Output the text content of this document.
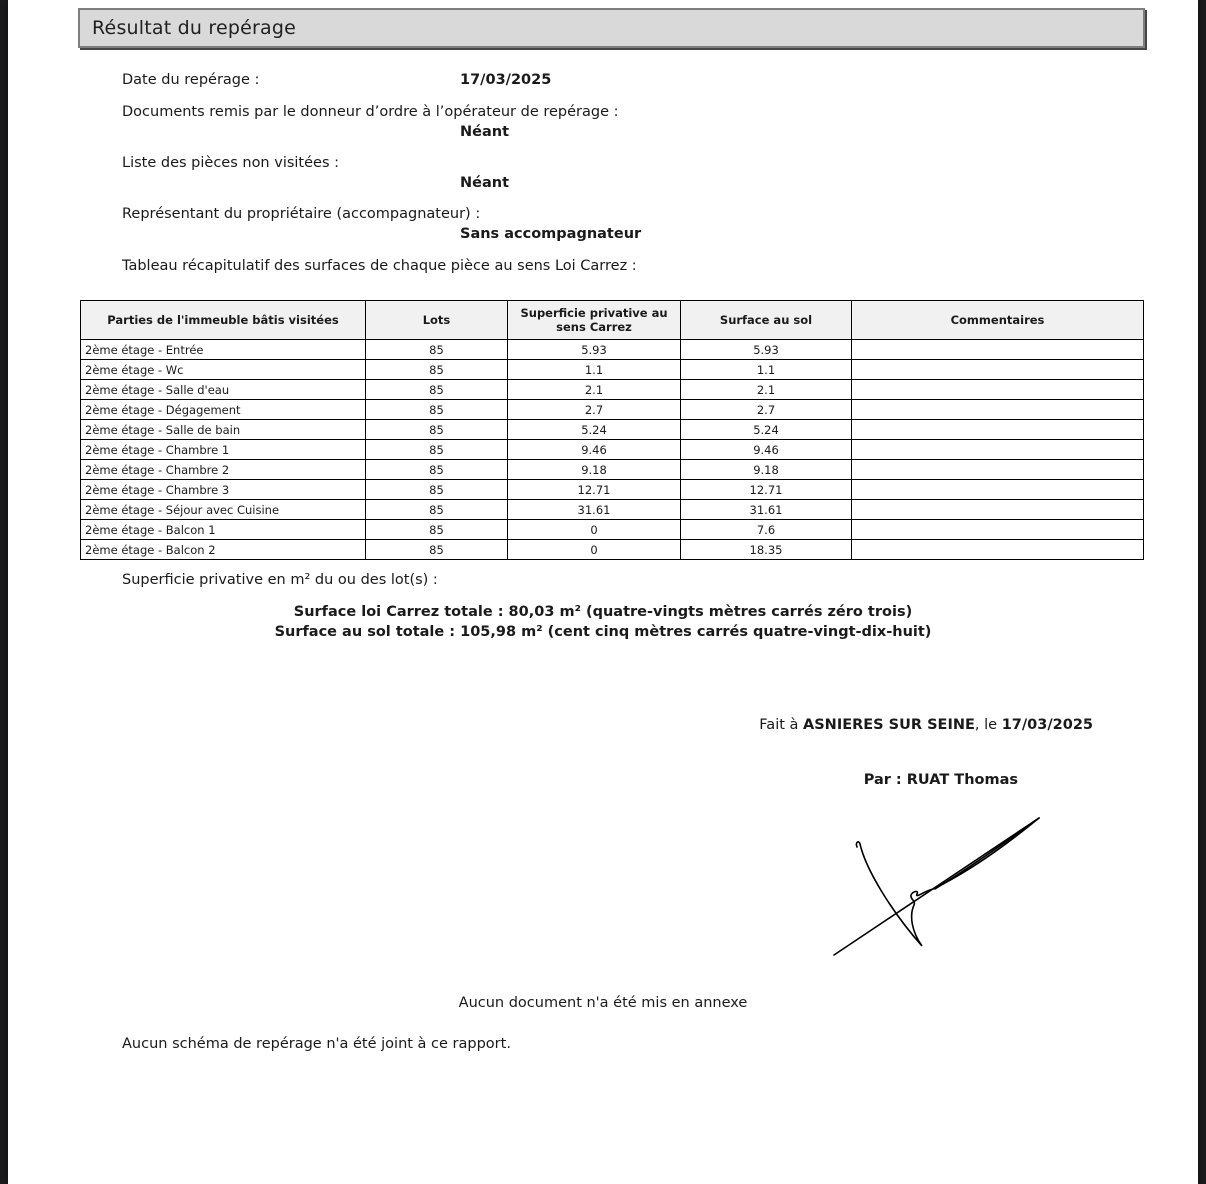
Résultat du repérage
Date du repérage :	17/03/2025
Documents remis par le donneur d’ordre à l’opérateur de repérage :
Néant
Liste des pièces non visitées :
Néant
Représentant du propriétaire (accompagnateur) :
Sans accompagnateur
Tableau récapitulatif des surfaces de chaque pièce au sens Loi Carrez :
Parties de l'immeuble bâtis visitées	Lots	Superficie privative au sens Carrez	Surface au sol	Commentaires
2ème étage - Entrée	85	5.93	5.93	
2ème étage - Wc	85	1.1	1.1	
2ème étage - Salle d'eau	85	2.1	2.1	
2ème étage - Dégagement	85	2.7	2.7	
2ème étage - Salle de bain	85	5.24	5.24	
2ème étage - Chambre 1	85	9.46	9.46	
2ème étage - Chambre 2	85	9.18	9.18	
2ème étage - Chambre 3	85	12.71	12.71	
2ème étage - Séjour avec Cuisine	85	31.61	31.61	
2ème étage - Balcon 1	85	0	7.6	
2ème étage - Balcon 2	85	0	18.35	
Superficie privative en m² du ou des lot(s) :
Surface loi Carrez totale : 80,03 m² (quatre-vingts mètres carrés zéro trois)
Surface au sol totale : 105,98 m² (cent cinq mètres carrés quatre-vingt-dix-huit)
Fait à ASNIERES SUR SEINE, le 17/03/2025
Par : RUAT Thomas
Aucun document n'a été mis en annexe
Aucun schéma de repérage n'a été joint à ce rapport.
